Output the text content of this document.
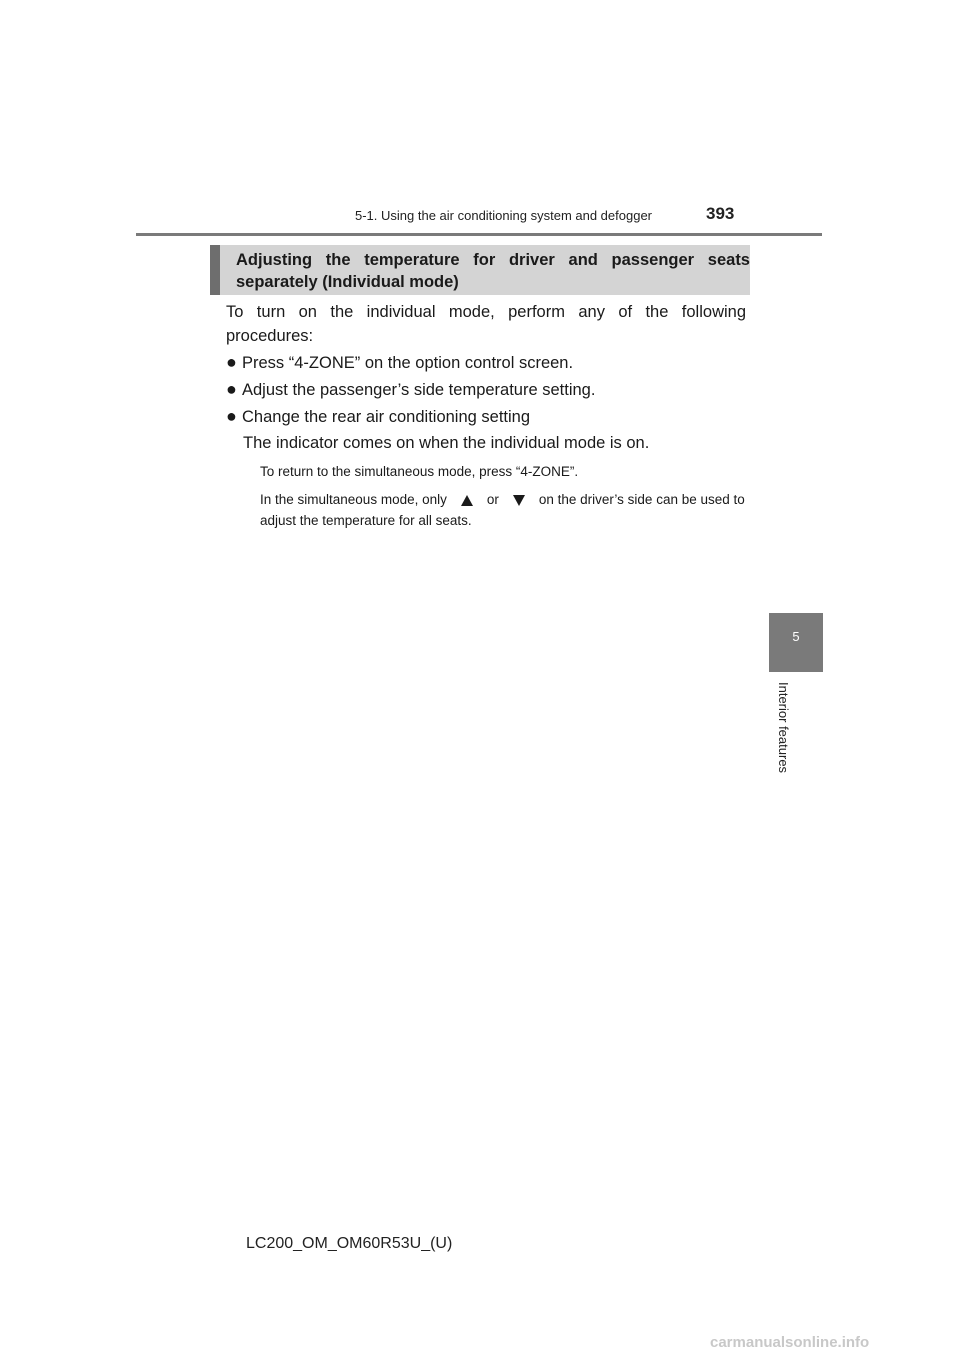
5-1. Using the air conditioning system and defogger	393
5
Interior features
Adjusting the temperature for driver and passenger seats separately (Individual mode)

To turn on the individual mode, perform any of the following procedures:

● Press “4-ZONE” on the option control screen.
● Adjust the passenger’s side temperature setting.
● Change the rear air conditioning setting

The indicator comes on when the individual mode is on.

To return to the simultaneous mode, press “4-ZONE”.

In the simultaneous mode, only	or	on the driver’s side can be used to adjust the temperature for all seats.

LC200_OM_OM60R53U_(U)
carmanualsonline.info
